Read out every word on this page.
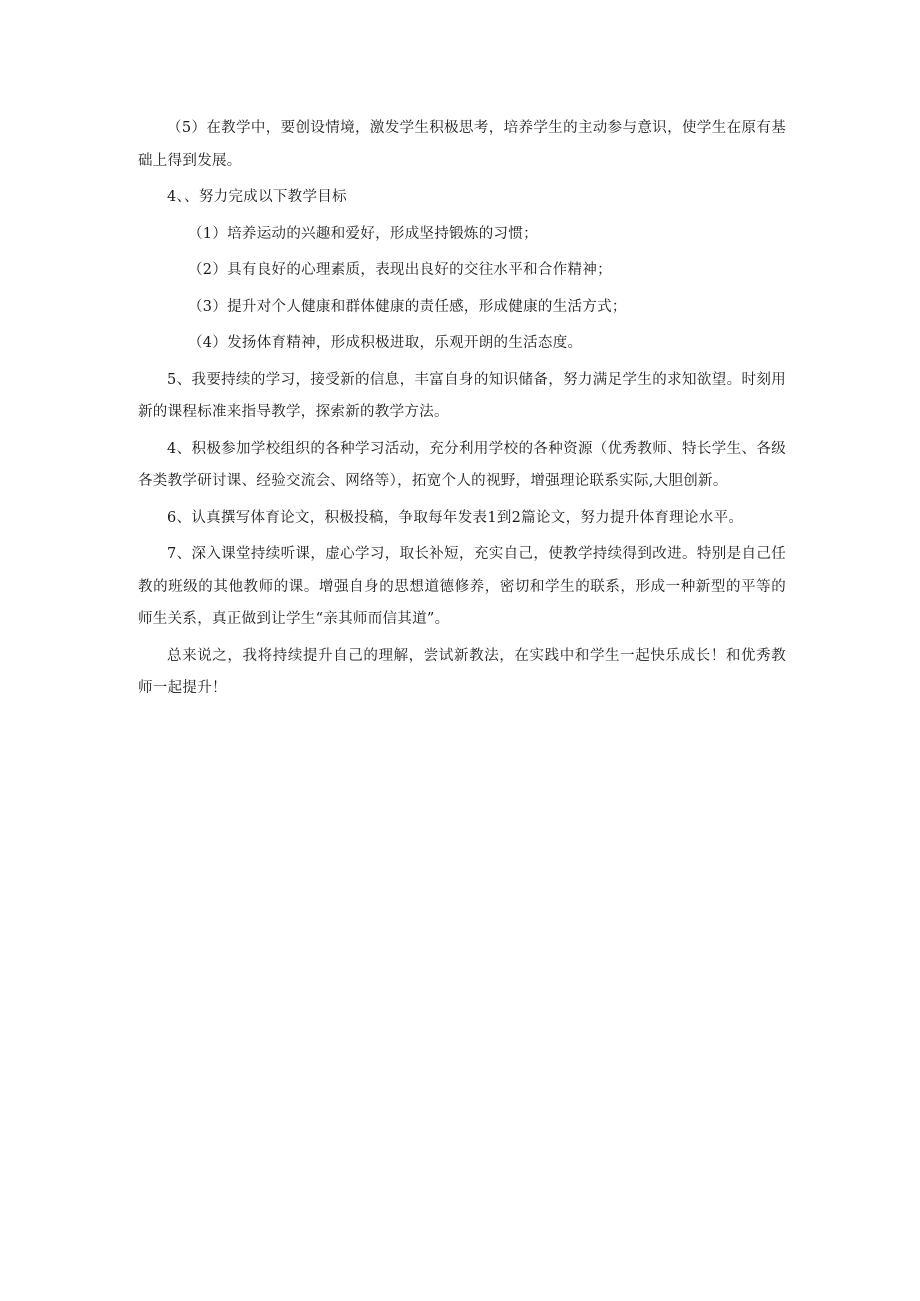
（5）在教学中，要创设情境，激发学生积极思考，培养学生的主动参与意识，使学生在原有基础上得到发展。

4、、努力完成以下教学目标

（1）培养运动的兴趣和爱好，形成坚持锻炼的习惯；

（2）具有良好的心理素质，表现出良好的交往水平和合作精神；

（3）提升对个人健康和群体健康的责任感，形成健康的生活方式；

（4）发扬体育精神，形成积极进取，乐观开朗的生活态度。

5、我要持续的学习，接受新的信息，丰富自身的知识储备，努力满足学生的求知欲望。时刻用新的课程标准来指导教学，探索新的教学方法。

4、积极参加学校组织的各种学习活动，充分利用学校的各种资源（优秀教师、特长学生、各级各类教学研讨课、经验交流会、网络等），拓宽个人的视野，增强理论联系实际,大胆创新。

6、认真撰写体育论文，积极投稿，争取每年发表1到2篇论文，努力提升体育理论水平。

7、深入课堂持续听课，虚心学习，取长补短，充实自己，使教学持续得到改进。特别是自己任教的班级的其他教师的课。增强自身的思想道德修养，密切和学生的联系，形成一种新型的平等的师生关系，真正做到让学生“亲其师而信其道”。

总来说之，我将持续提升自己的理解，尝试新教法，在实践中和学生一起快乐成长！和优秀教师一起提升！
